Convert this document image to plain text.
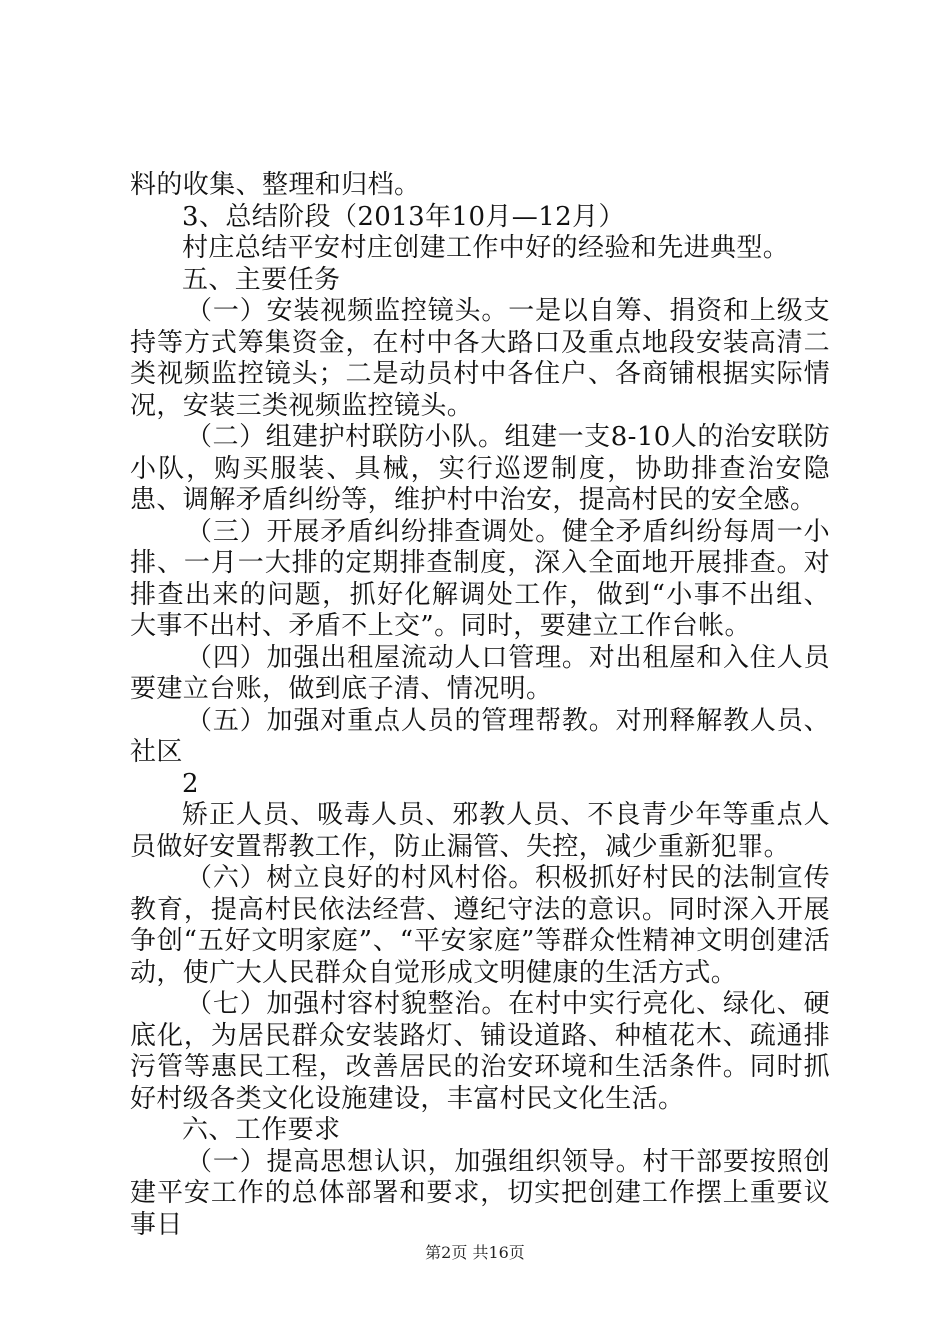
料的收集、整理和归档。

3、总结阶段（2013年10月—12月）

村庄总结平安村庄创建工作中好的经验和先进典型。

五、主要任务

（一）安装视频监控镜头。一是以自筹、捐资和上级支持等方式筹集资金，在村中各大路口及重点地段安装高清二类视频监控镜头；二是动员村中各住户、各商铺根据实际情况，安装三类视频监控镜头。

（二）组建护村联防小队。组建一支8-10人的治安联防小队，购买服装、具械，实行巡逻制度，协助排查治安隐患、调解矛盾纠纷等，维护村中治安，提高村民的安全感。

（三）开展矛盾纠纷排查调处。健全矛盾纠纷每周一小排、一月一大排的定期排查制度，深入全面地开展排查。对排查出来的问题，抓好化解调处工作，做到“小事不出组、大事不出村、矛盾不上交”。同时，要建立工作台帐。

（四）加强出租屋流动人口管理。对出租屋和入住人员要建立台账，做到底子清、情况明。

（五）加强对重点人员的管理帮教。对刑释解教人员、社区

2

矫正人员、吸毒人员、邪教人员、不良青少年等重点人员做好安置帮教工作，防止漏管、失控，减少重新犯罪。

（六）树立良好的村风村俗。积极抓好村民的法制宣传教育，提高村民依法经营、遵纪守法的意识。同时深入开展争创“五好文明家庭”、“平安家庭”等群众性精神文明创建活动，使广大人民群众自觉形成文明健康的生活方式。

（七）加强村容村貌整治。在村中实行亮化、绿化、硬底化，为居民群众安装路灯、铺设道路、种植花木、疏通排污管等惠民工程，改善居民的治安环境和生活条件。同时抓好村级各类文化设施建设，丰富村民文化生活。

六、工作要求

（一）提高思想认识，加强组织领导。村干部要按照创建平安工作的总体部署和要求，切实把创建工作摆上重要议事日

第2页 共16页
